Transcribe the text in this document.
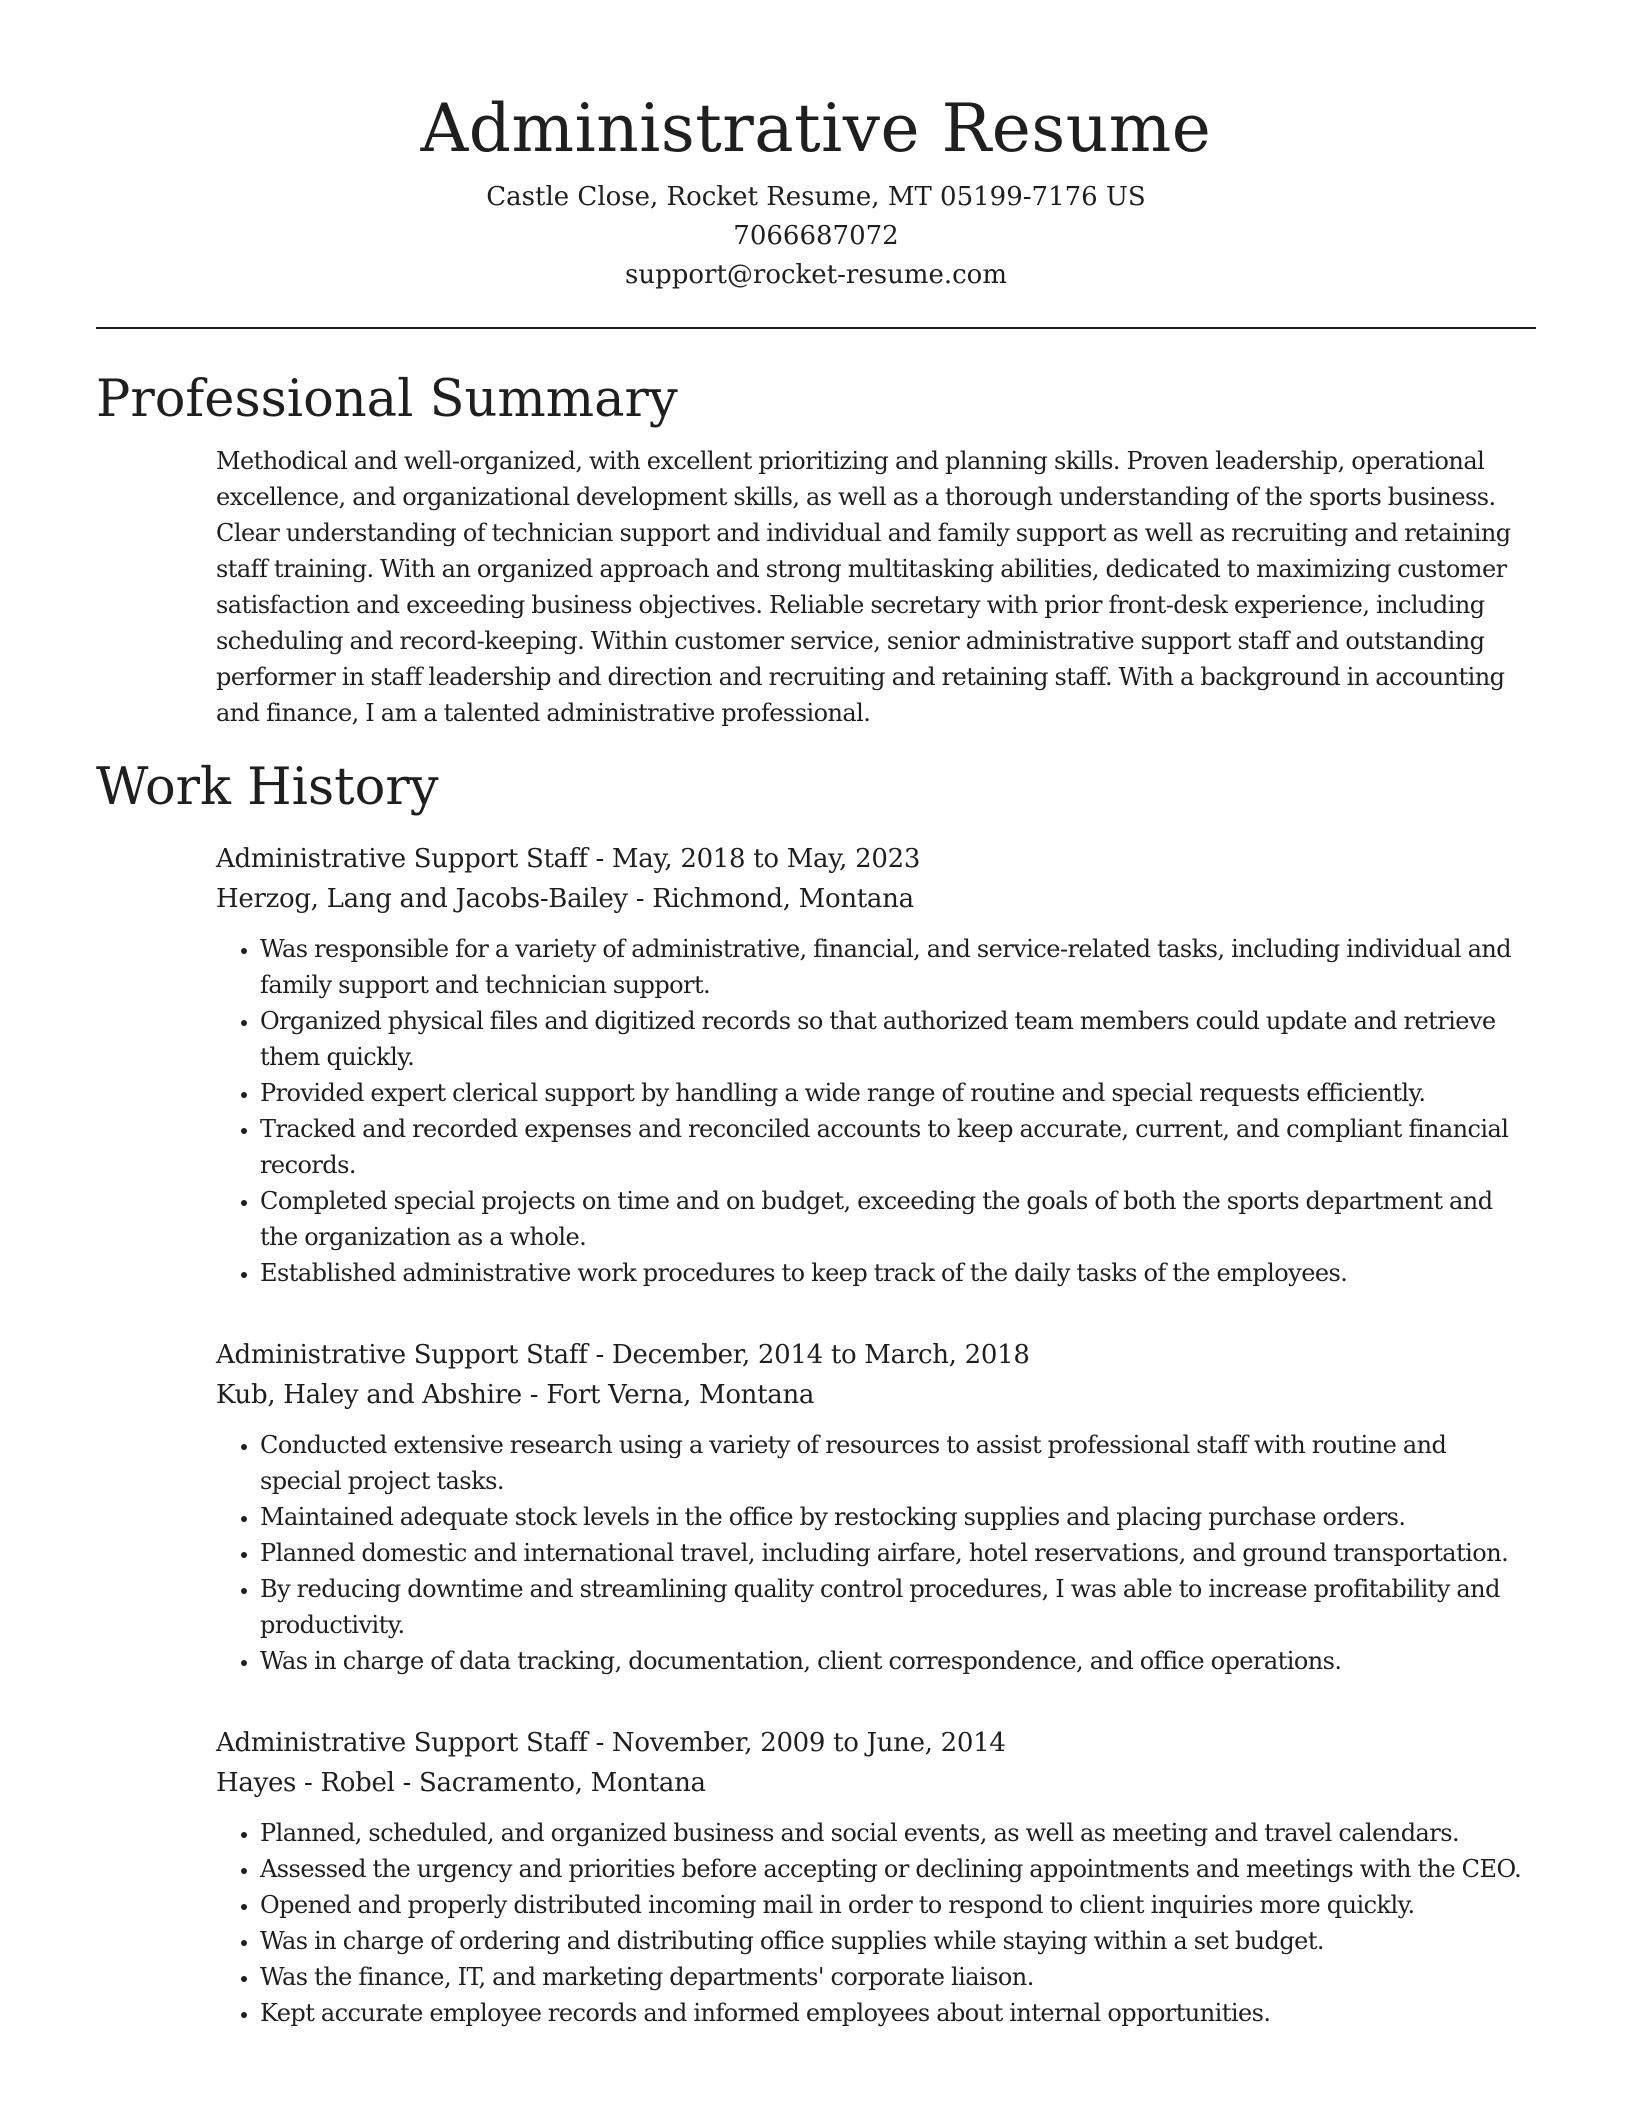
Administrative Resume

Castle Close, Rocket Resume, MT 05199-7176 US

7066687072

support@rocket-resume.com

Professional Summary

Methodical and well-organized, with excellent prioritizing and planning skills. Proven leadership, operational excellence, and organizational development skills, as well as a thorough understanding of the sports business. Clear understanding of technician support and individual and family support as well as recruiting and retaining staff training. With an organized approach and strong multitasking abilities, dedicated to maximizing customer satisfaction and exceeding business objectives. Reliable secretary with prior front-desk experience, including scheduling and record-keeping. Within customer service, senior administrative support staff and outstanding performer in staff leadership and direction and recruiting and retaining staff. With a background in accounting and finance, I am a talented administrative professional.

Work History

Administrative Support Staff - May, 2018 to May, 2023

Herzog, Lang and Jacobs-Bailey - Richmond, Montana

• Was responsible for a variety of administrative, financial, and service-related tasks, including individual and family support and technician support.
• Organized physical files and digitized records so that authorized team members could update and retrieve them quickly.
• Provided expert clerical support by handling a wide range of routine and special requests efficiently.
• Tracked and recorded expenses and reconciled accounts to keep accurate, current, and compliant financial records.
• Completed special projects on time and on budget, exceeding the goals of both the sports department and the organization as a whole.
• Established administrative work procedures to keep track of the daily tasks of the employees.

Administrative Support Staff - December, 2014 to March, 2018

Kub, Haley and Abshire - Fort Verna, Montana

• Conducted extensive research using a variety of resources to assist professional staff with routine and special project tasks.
• Maintained adequate stock levels in the office by restocking supplies and placing purchase orders.
• Planned domestic and international travel, including airfare, hotel reservations, and ground transportation.
• By reducing downtime and streamlining quality control procedures, I was able to increase profitability and productivity.
• Was in charge of data tracking, documentation, client correspondence, and office operations.

Administrative Support Staff - November, 2009 to June, 2014

Hayes - Robel - Sacramento, Montana

• Planned, scheduled, and organized business and social events, as well as meeting and travel calendars.
• Assessed the urgency and priorities before accepting or declining appointments and meetings with the CEO.
• Opened and properly distributed incoming mail in order to respond to client inquiries more quickly.
• Was in charge of ordering and distributing office supplies while staying within a set budget.
• Was the finance, IT, and marketing departments' corporate liaison.
• Kept accurate employee records and informed employees about internal opportunities.
